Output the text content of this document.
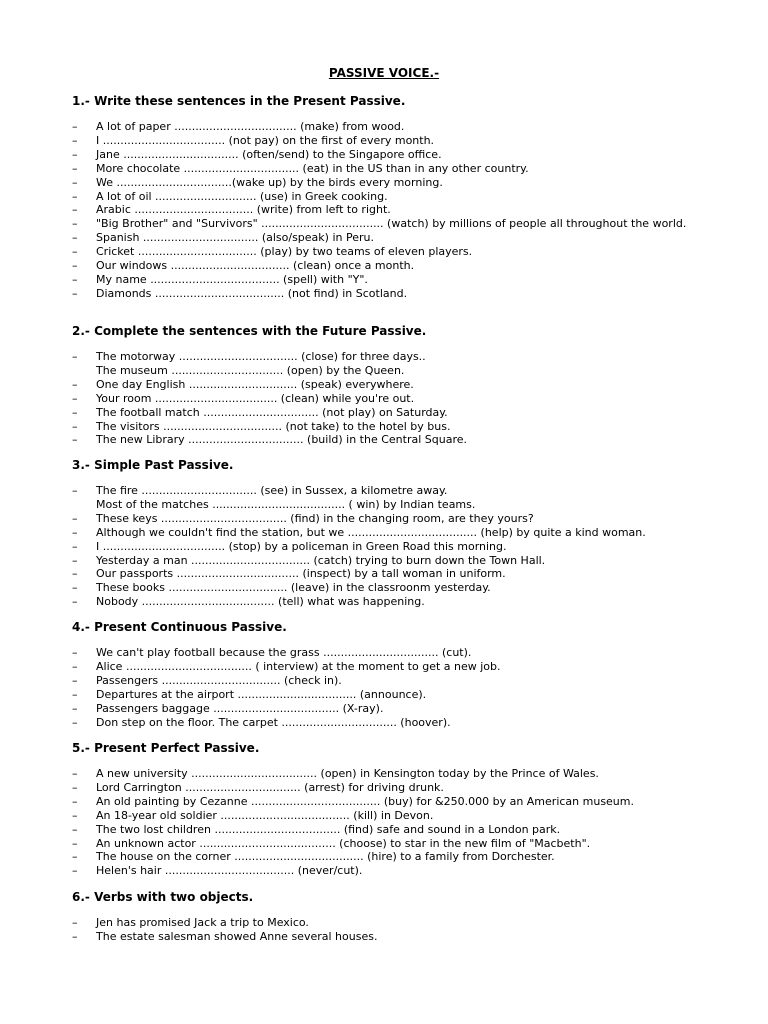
PASSIVE VOICE.-
1.- Write these sentences in the Present Passive.
– A lot of paper ................................... (make) from wood.
– I ................................... (not pay) on the first of every month.
– Jane ................................. (often/send) to the Singapore office.
– More chocolate ................................. (eat) in the US than in any other country.
– We .................................(wake up) by the birds every morning.
– A lot of oil ............................. (use) in Greek cooking.
– Arabic .................................. (write) from left to right.
– "Big Brother" and "Survivors" ................................... (watch) by millions of people all throughout the world.
– Spanish ................................. (also/speak) in Peru.
– Cricket .................................. (play) by two teams of eleven players.
– Our windows .................................. (clean) once a month.
– My name ..................................... (spell) with "Y".
– Diamonds ..................................... (not find) in Scotland.
2.- Complete the sentences with the Future Passive.
– The motorway .................................. (close) for three days..
The museum ................................ (open) by the Queen.
– One day English ............................... (speak) everywhere.
– Your room ................................... (clean) while you're out.
– The football match ................................. (not play) on Saturday.
– The visitors .................................. (not take) to the hotel by bus.
– The new Library ................................. (build) in the Central Square.
3.- Simple Past Passive.
– The fire ................................. (see) in Sussex, a kilometre away.
Most of the matches ...................................... ( win) by Indian teams.
– These keys .................................... (find) in the changing room, are they yours?
– Although we couldn't find the station, but we ..................................... (help) by quite a kind woman.
– I ................................... (stop) by a policeman in Green Road this morning.
– Yesterday a man .................................. (catch) trying to burn down the Town Hall.
– Our passports ................................... (inspect) by a tall woman in uniform.
– These books .................................. (leave) in the classroonm yesterday.
– Nobody ...................................... (tell) what was happening.
4.- Present Continuous Passive.
– We can't play football because the grass ................................. (cut).
– Alice .................................... ( interview) at the moment to get a new job.
– Passengers .................................. (check in).
– Departures at the airport .................................. (announce).
– Passengers baggage .................................... (X-ray).
– Don step on the floor. The carpet ................................. (hoover).
5.- Present Perfect Passive.
– A new university .................................... (open) in Kensington today by the Prince of Wales.
– Lord Carrington ................................. (arrest) for driving drunk.
– An old painting by Cezanne ..................................... (buy) for &250.000 by an American museum.
– An 18-year old soldier ..................................... (kill) in Devon.
– The two lost children .................................... (find) safe and sound in a London park.
– An unknown actor ....................................... (choose) to star in the new film of "Macbeth".
– The house on the corner ..................................... (hire) to a family from Dorchester.
– Helen's hair ..................................... (never/cut).
6.- Verbs with two objects.
– Jen has promised Jack a trip to Mexico.
– The estate salesman showed Anne several houses.
